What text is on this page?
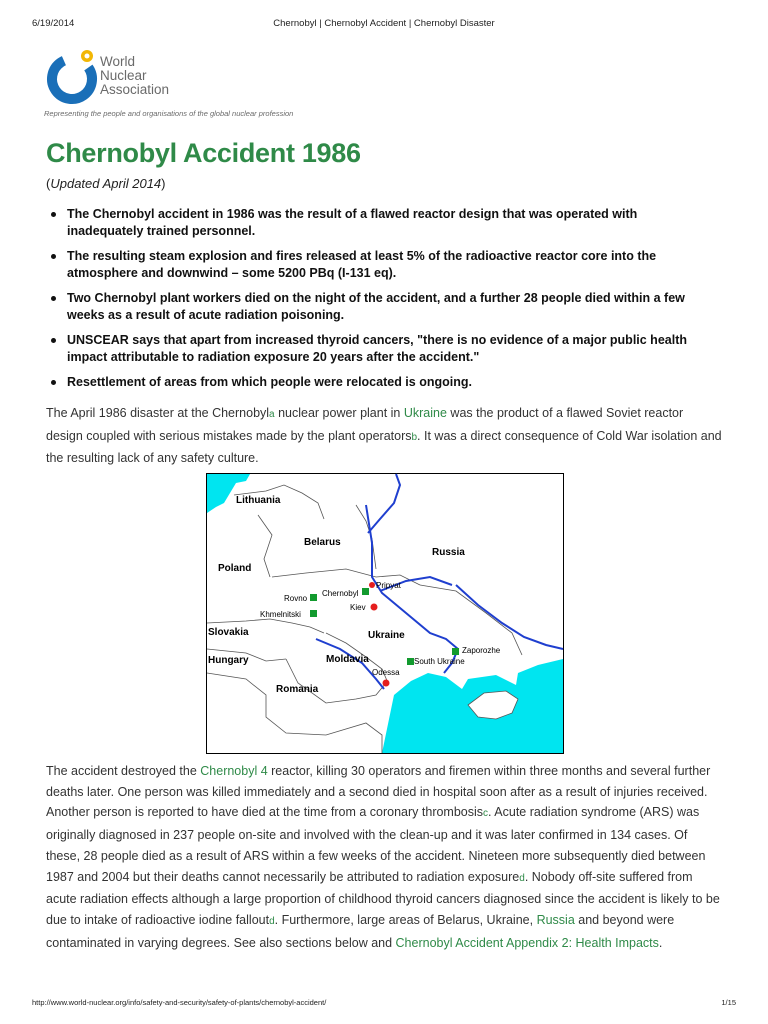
6/19/2014	Chernobyl | Chernobyl Accident | Chernobyl Disaster
World
Nuclear
Association
Representing the people and organisations of the global nuclear profession
Chernobyl Accident 1986
(Updated April 2014)
The Chernobyl accident in 1986 was the result of a flawed reactor design that was operated with inadequately trained personnel.
The resulting steam explosion and fires released at least 5% of the radioactive reactor core into the atmosphere and downwind – some 5200 PBq (I-131 eq).
Two Chernobyl plant workers died on the night of the accident, and a further 28 people died within a few weeks as a result of acute radiation poisoning.
UNSCEAR says that apart from increased thyroid cancers, "there is no evidence of a major public health impact attributable to radiation exposure 20 years after the accident."
Resettlement of areas from which people were relocated is ongoing.

The April 1986 disaster at the Chernobyla nuclear power plant in Ukraine was the product of a flawed Soviet reactor design coupled with serious mistakes made by the plant operatorsb. It was a direct consequence of Cold War isolation and the resulting lack of any safety culture.

Lithuania
Belarus
Russia
Poland
Ukraine
Slovakia
Hungary	Moldavia
Romania
Pripyat
Chernobyl
Rovno
Kiev
Khmelnitski
Zaporozhe
South Ukraine
Odessa

The accident destroyed the Chernobyl 4 reactor, killing 30 operators and firemen within three months and several further deaths later. One person was killed immediately and a second died in hospital soon after as a result of injuries received. Another person is reported to have died at the time from a coronary thrombosisc. Acute radiation syndrome (ARS) was originally diagnosed in 237 people on-site and involved with the clean-up and it was later confirmed in 134 cases. Of these, 28 people died as a result of ARS within a few weeks of the accident. Nineteen more subsequently died between 1987 and 2004 but their deaths cannot necessarily be attributed to radiation exposured. Nobody off-site suffered from acute radiation effects although a large proportion of childhood thyroid cancers diagnosed since the accident is likely to be due to intake of radioactive iodine falloutd. Furthermore, large areas of Belarus, Ukraine, Russia and beyond were contaminated in varying degrees. See also sections below and Chernobyl Accident Appendix 2: Health Impacts.

http://www.world-nuclear.org/info/safety-and-security/safety-of-plants/chernobyl-accident/	1/15
